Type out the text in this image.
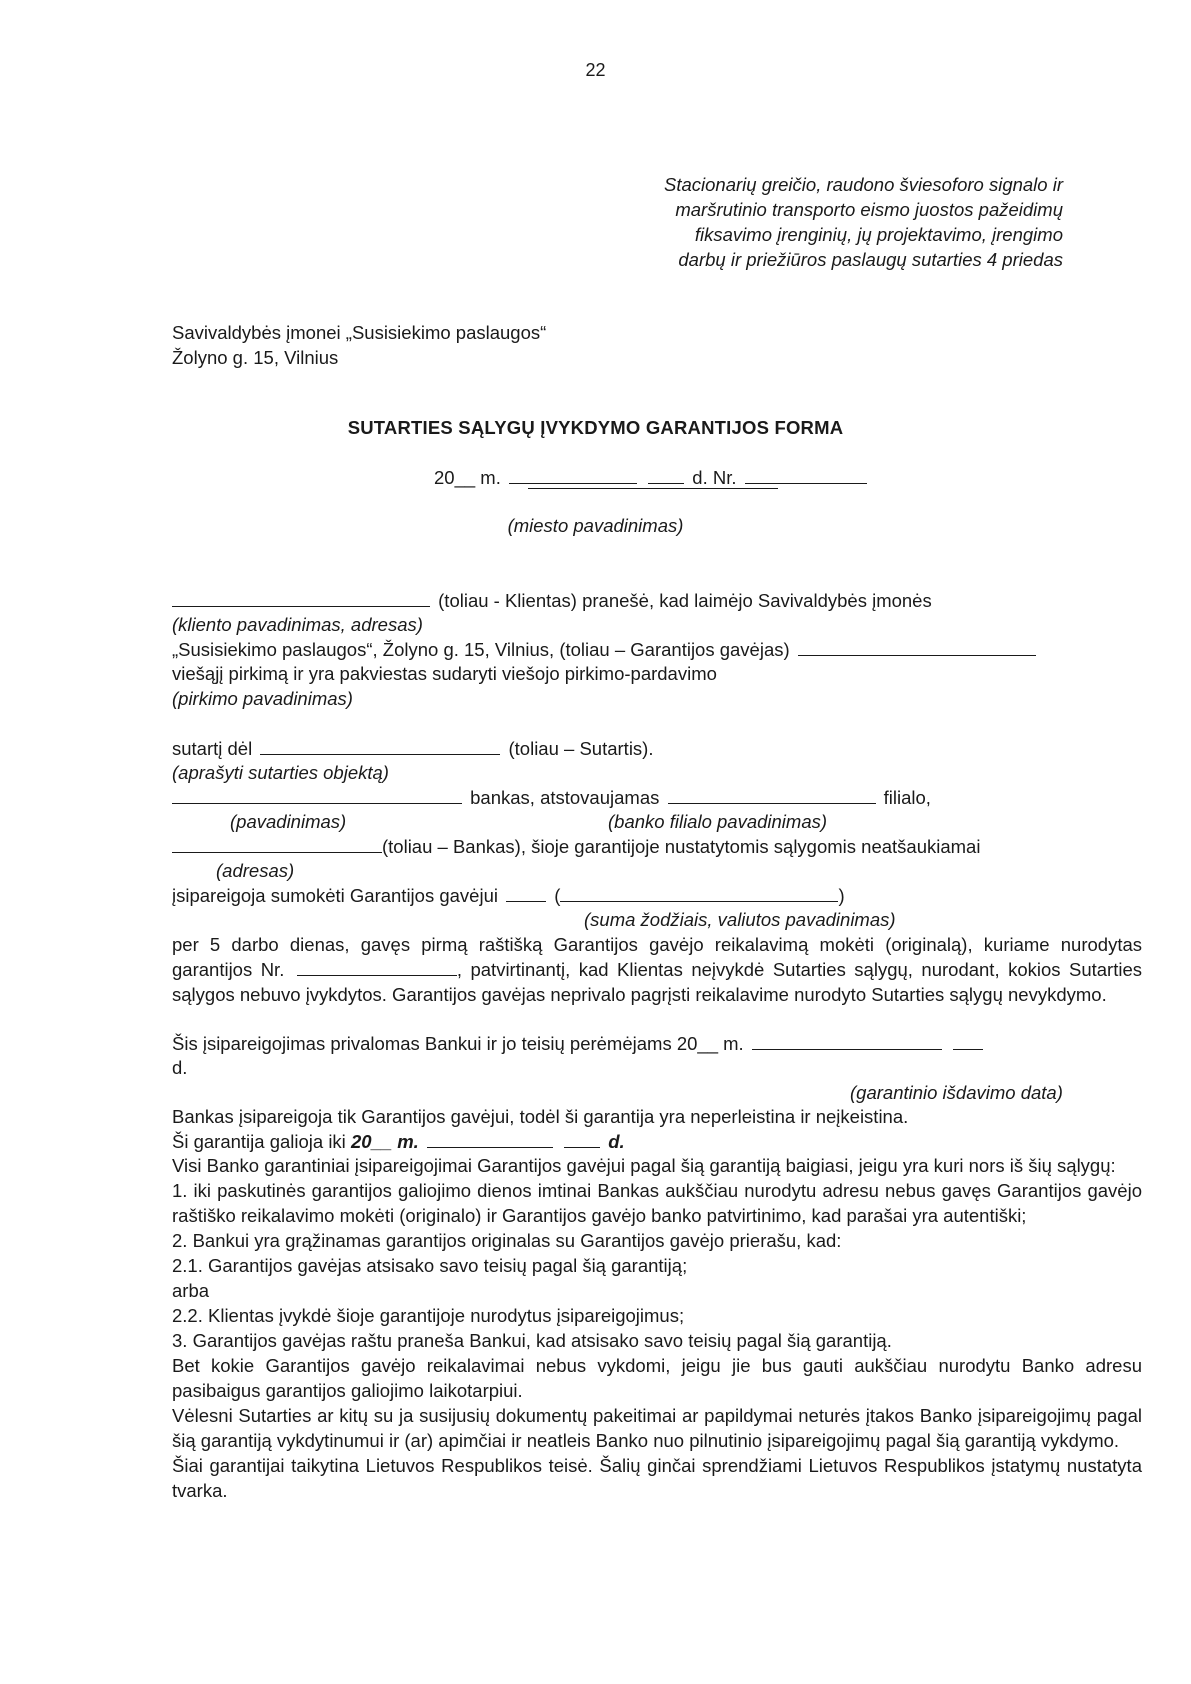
22
Stacionarių greičio, raudono šviesoforo signalo ir
maršrutinio transporto eismo juostos pažeidimų
fiksavimo įrenginių, jų projektavimo, įrengimo
darbų ir priežiūros paslaugų sutarties 4 priedas
Savivaldybės įmonei „Susisiekimo paslaugos“
Žolyno g. 15, Vilnius
SUTARTIES SĄLYGŲ ĮVYKDYMO GARANTIJOS FORMA
20__ m.	d. Nr.
(miesto pavadinimas)
(toliau - Klientas) pranešė, kad laimėjo Savivaldybės įmonės
(kliento pavadinimas, adresas)
„Susisiekimo paslaugos“, Žolyno g. 15, Vilnius, (toliau – Garantijos gavėjas)
viešąjį pirkimą ir yra pakviestas sudaryti viešojo pirkimo-pardavimo
(pirkimo pavadinimas)
sutartį dėl	(toliau – Sutartis).
(aprašyti sutarties objektą)
bankas, atstovaujamas	filialo,
(pavadinimas)	(banko filialo pavadinimas)
(toliau – Bankas), šioje garantijoje nustatytomis sąlygomis neatšaukiamai
(adresas)
įsipareigoja sumokėti Garantijos gavėjui	(	)
(suma žodžiais, valiutos pavadinimas)
per 5 darbo dienas, gavęs pirmą raštišką Garantijos gavėjo reikalavimą mokėti (originalą), kuriame nurodytas garantijos Nr.	, patvirtinantį, kad Klientas neįvykdė Sutarties sąlygų, nurodant, kokios Sutarties sąlygos nebuvo įvykdytos. Garantijos gavėjas neprivalo pagrįsti reikalavime nurodyto Sutarties sąlygų nevykdymo.
Šis įsipareigojimas privalomas Bankui ir jo teisių perėmėjams 20__ m.
d.
(garantinio išdavimo data)
Bankas įsipareigoja tik Garantijos gavėjui, todėl ši garantija yra neperleistina ir neįkeistina.
Ši garantija galioja iki 20__ m.	d.

Visi Banko garantiniai įsipareigojimai Garantijos gavėjui pagal šią garantiją baigiasi, jeigu yra kuri nors iš šių sąlygų:

1. iki paskutinės garantijos galiojimo dienos imtinai Bankas aukščiau nurodytu adresu nebus gavęs Garantijos gavėjo raštiško reikalavimo mokėti (originalo) ir Garantijos gavėjo banko patvirtinimo, kad parašai yra autentiški;

2. Bankui yra grąžinamas garantijos originalas su Garantijos gavėjo prierašu, kad:

2.1. Garantijos gavėjas atsisako savo teisių pagal šią garantiją;

arba

2.2. Klientas įvykdė šioje garantijoje nurodytus įsipareigojimus;

3. Garantijos gavėjas raštu praneša Bankui, kad atsisako savo teisių pagal šią garantiją.

Bet kokie Garantijos gavėjo reikalavimai nebus vykdomi, jeigu jie bus gauti aukščiau nurodytu Banko adresu pasibaigus garantijos galiojimo laikotarpiui.

Vėlesni Sutarties ar kitų su ja susijusių dokumentų pakeitimai ar papildymai neturės įtakos Banko įsipareigojimų pagal šią garantiją vykdytinumui ir (ar) apimčiai ir neatleis Banko nuo pilnutinio įsipareigojimų pagal šią garantiją vykdymo.

Šiai garantijai taikytina Lietuvos Respublikos teisė. Šalių ginčai sprendžiami Lietuvos Respublikos įstatymų nustatyta tvarka.
